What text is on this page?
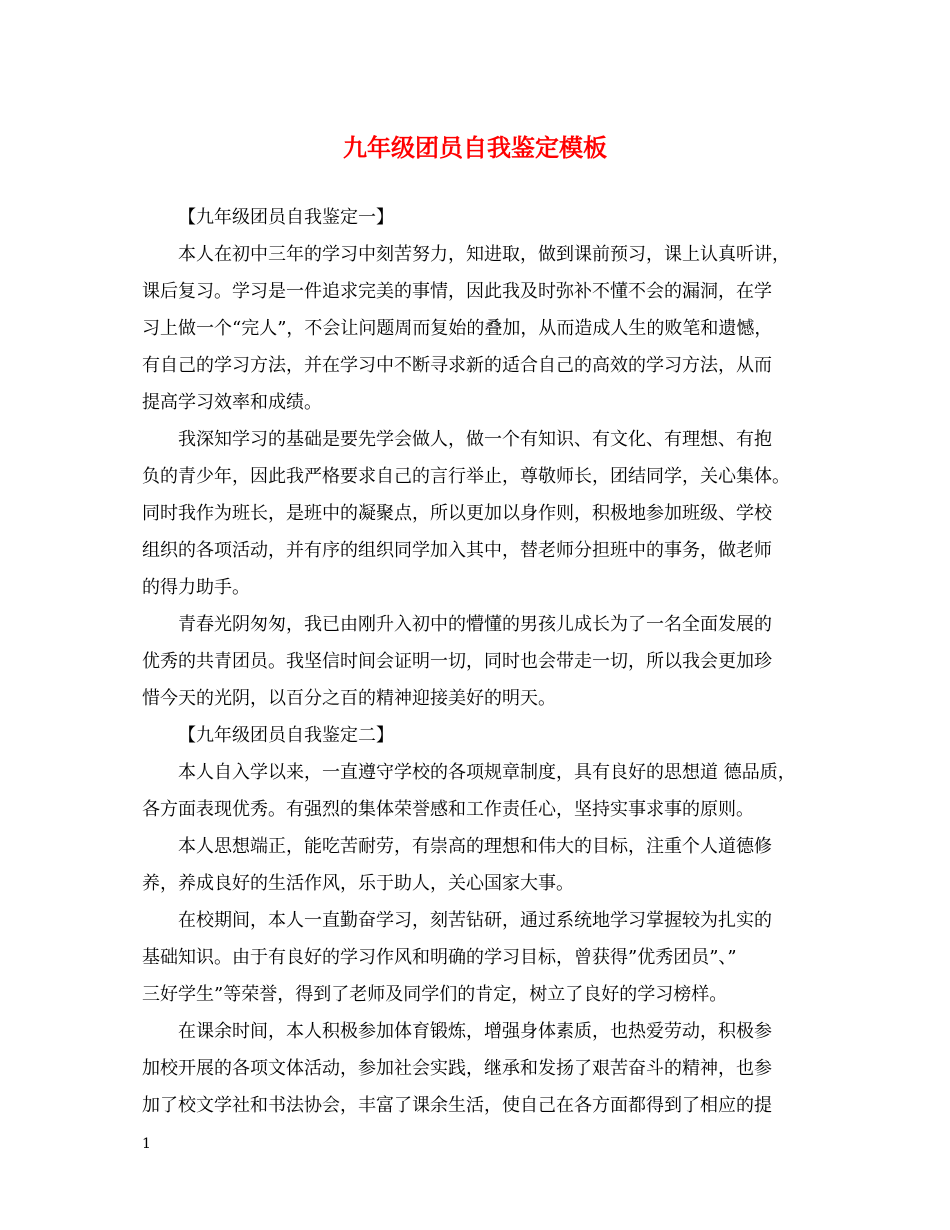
九年级团员自我鉴定模板
【九年级团员自我鉴定一】
本人在初中三年的学习中刻苦努力，知进取，做到课前预习，课上认真听讲，
课后复习。学习是一件追求完美的事情，因此我及时弥补不懂不会的漏洞，在学
习上做一个“完人”，不会让问题周而复始的叠加，从而造成人生的败笔和遗憾，
有自己的学习方法，并在学习中不断寻求新的适合自己的高效的学习方法，从而
提高学习效率和成绩。
我深知学习的基础是要先学会做人，做一个有知识、有文化、有理想、有抱
负的青少年，因此我严格要求自己的言行举止，尊敬师长，团结同学，关心集体。
同时我作为班长，是班中的凝聚点，所以更加以身作则，积极地参加班级、学校
组织的各项活动，并有序的组织同学加入其中，替老师分担班中的事务，做老师
的得力助手。
青春光阴匆匆，我已由刚升入初中的懵懂的男孩儿成长为了一名全面发展的
优秀的共青团员。我坚信时间会证明一切，同时也会带走一切，所以我会更加珍
惜今天的光阴，以百分之百的精神迎接美好的明天。
【九年级团员自我鉴定二】
本人自入学以来，一直遵守学校的各项规章制度，具有良好的思想道 德品质，
各方面表现优秀。有强烈的集体荣誉感和工作责任心，坚持实事求事的原则。
本人思想端正，能吃苦耐劳，有崇高的理想和伟大的目标，注重个人道德修
养，养成良好的生活作风，乐于助人，关心国家大事。
在校期间，本人一直勤奋学习，刻苦钻研，通过系统地学习掌握较为扎实的
基础知识。由于有良好的学习作风和明确的学习目标，曾获得”优秀团员”、”
三好学生”等荣誉，得到了老师及同学们的肯定，树立了良好的学习榜样。
在课余时间，本人积极参加体育锻炼，增强身体素质，也热爱劳动，积极参
加校开展的各项文体活动，参加社会实践，继承和发扬了艰苦奋斗的精神，也参
加了校文学社和书法协会，丰富了课余生活，使自己在各方面都得到了相应的提
1
